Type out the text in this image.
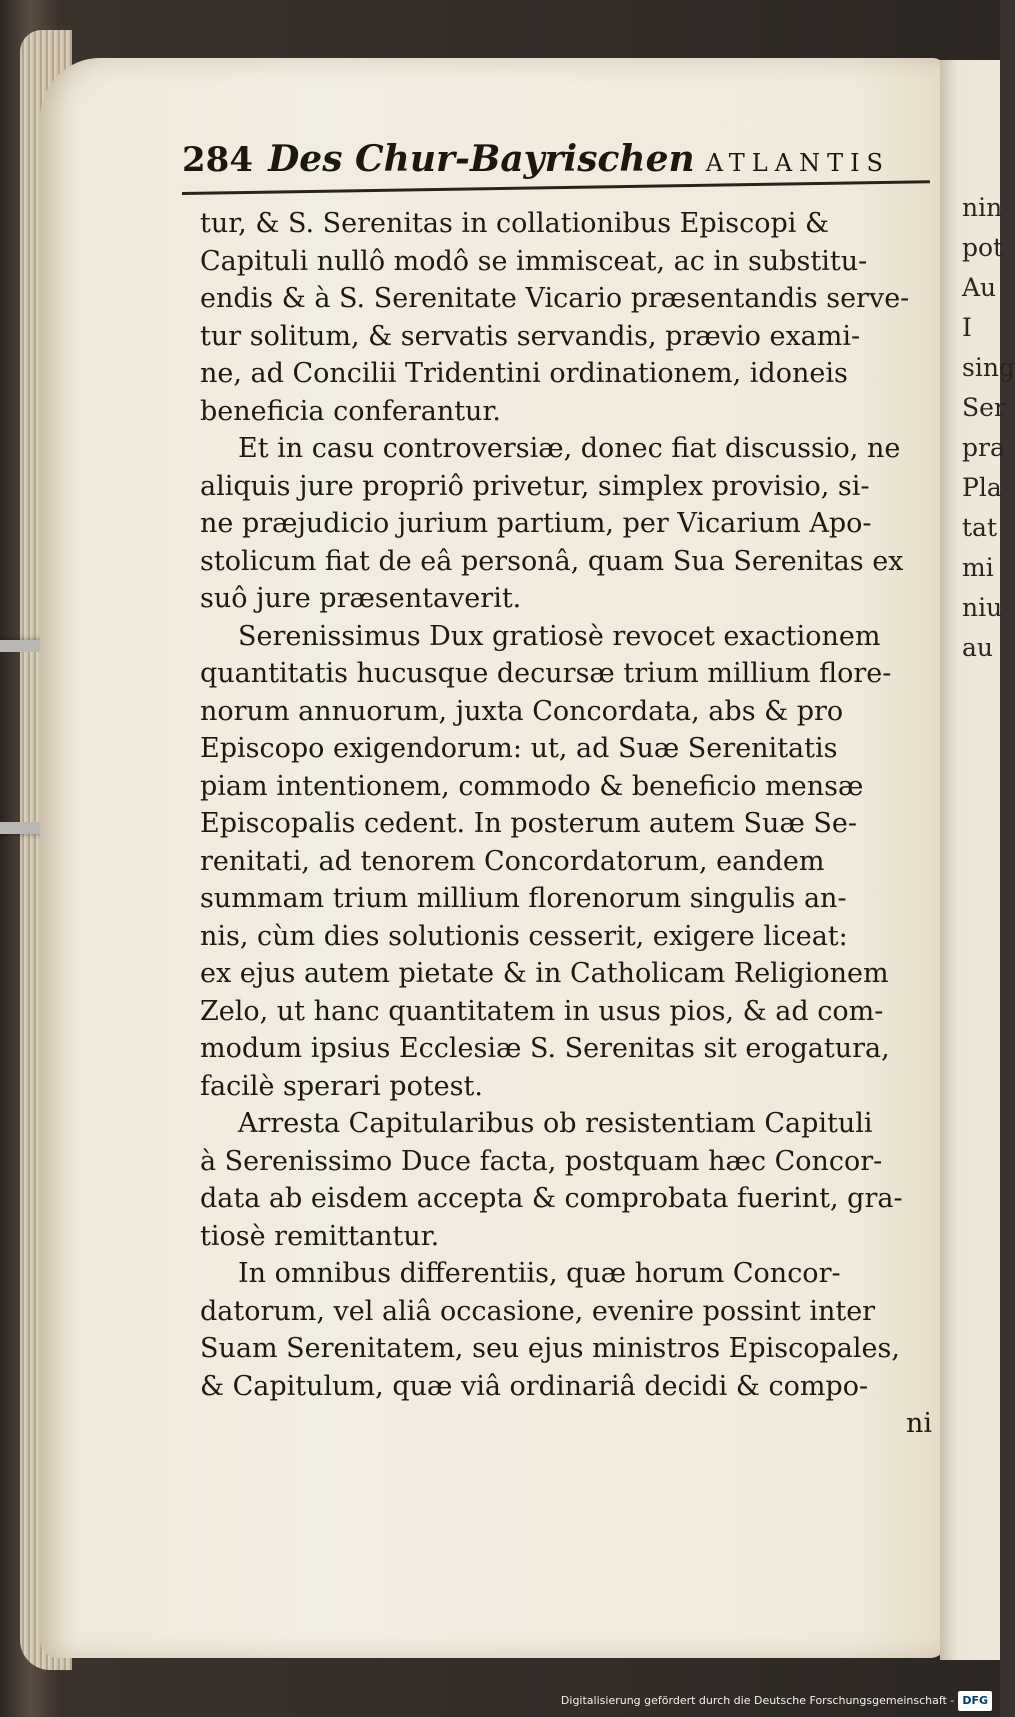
nin
pot
Au
I
sing
Ser
pra
Pla
tat
mi
niu
au
284 Des Chur-Bayrischen ATLANTIS
tur, & S. Serenitas in collationibus Episcopi &
Capituli nullô modô se immisceat, ac in substitu-
endis & à S. Serenitate Vicario præsentandis serve-
tur solitum, & servatis servandis, prævio exami-
ne, ad Concilii Tridentini ordinationem, idoneis
beneficia conferantur.
Et in casu controversiæ, donec fiat discussio, ne
aliquis jure propriô privetur, simplex provisio, si-
ne præjudicio jurium partium, per Vicarium Apo-
stolicum fiat de eâ personâ, quam Sua Serenitas ex
suô jure præsentaverit.
Serenissimus Dux gratiosè revocet exactionem
quantitatis hucusque decursæ trium millium flore-
norum annuorum, juxta Concordata, abs & pro
Episcopo exigendorum: ut, ad Suæ Serenitatis
piam intentionem, commodo & beneficio mensæ
Episcopalis cedent. In posterum autem Suæ Se-
renitati, ad tenorem Concordatorum, eandem
summam trium millium florenorum singulis an-
nis, cùm dies solutionis cesserit, exigere liceat:
ex ejus autem pietate & in Catholicam Religionem
Zelo, ut hanc quantitatem in usus pios, & ad com-
modum ipsius Ecclesiæ S. Serenitas sit erogatura,
facilè sperari potest.
Arresta Capitularibus ob resistentiam Capituli
à Serenissimo Duce facta, postquam hæc Concor-
data ab eisdem accepta & comprobata fuerint, gra-
tiosè remittantur.
In omnibus differentiis, quæ horum Concor-
datorum, vel aliâ occasione, evenire possint inter
Suam Serenitatem, seu ejus ministros Episcopales,
& Capitulum, quæ viâ ordinariâ decidi & compo-
ni
Digitalisierung gefördert durch die Deutsche Forschungsgemeinschaft - DFG
